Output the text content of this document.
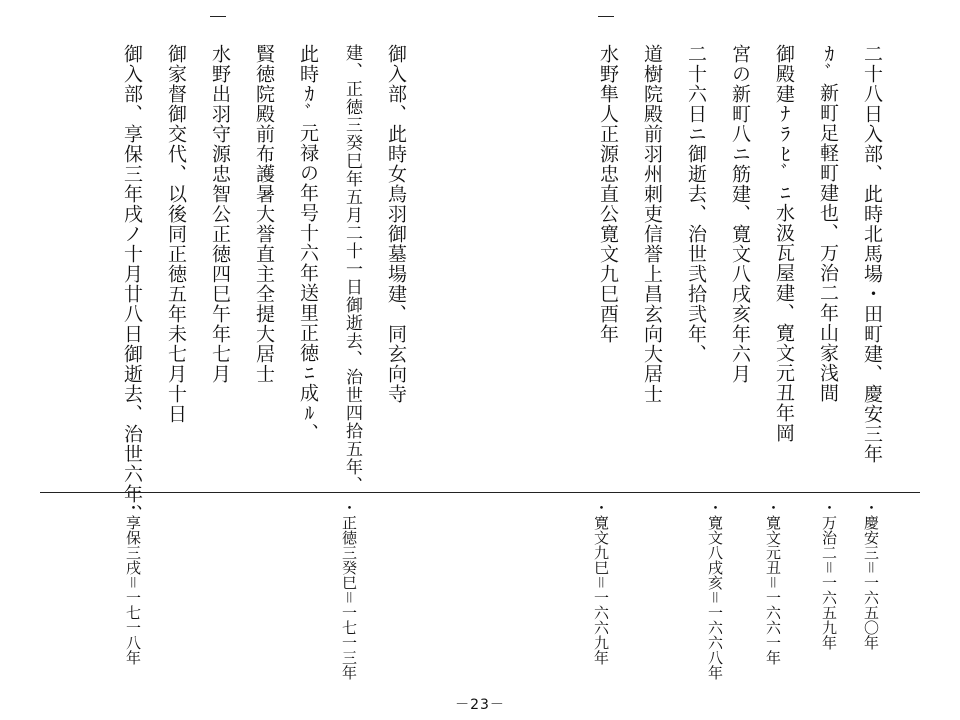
二十八日入部、此時北馬場・田町建、慶安三年
ｶﾞ新町足軽町建也、万治二年山家浅間
御殿建ﾅﾗﾋﾞﾆ水汲瓦屋建、寛文元丑年岡
宮の新町八ニ筋建、寛文八戌亥年六月
二十六日ニ御逝去、治世弐拾弐年、
道樹院殿前羽州刺吏信誉上昌玄向大居士
水野隼人正源忠直公寛文九巳酉年
御入部、此時女鳥羽御墓場建、同玄向寺
建、正徳三癸巳年五月二十一日御逝去、治世四拾五年、
此時ｶﾞ元禄の年号十六年送里正徳ﾆ成ﾙ、
賢徳院殿前布護暑大誉直主全提大居士
水野出羽守源忠智公正徳四巳午年七月
御家督御交代、以後同正徳五年未七月十日
御入部、享保三年戌ノ十月廿八日御逝去、治世六年、
・慶安三＝一六五〇年
・万治二＝一六五九年
・寛文元丑＝一六六一年
・寛文八戌亥＝一六六八年
・寛文九巳＝一六六九年
・正徳三癸巳＝一七一三年
・享保三戌＝一七一八年
－23－
